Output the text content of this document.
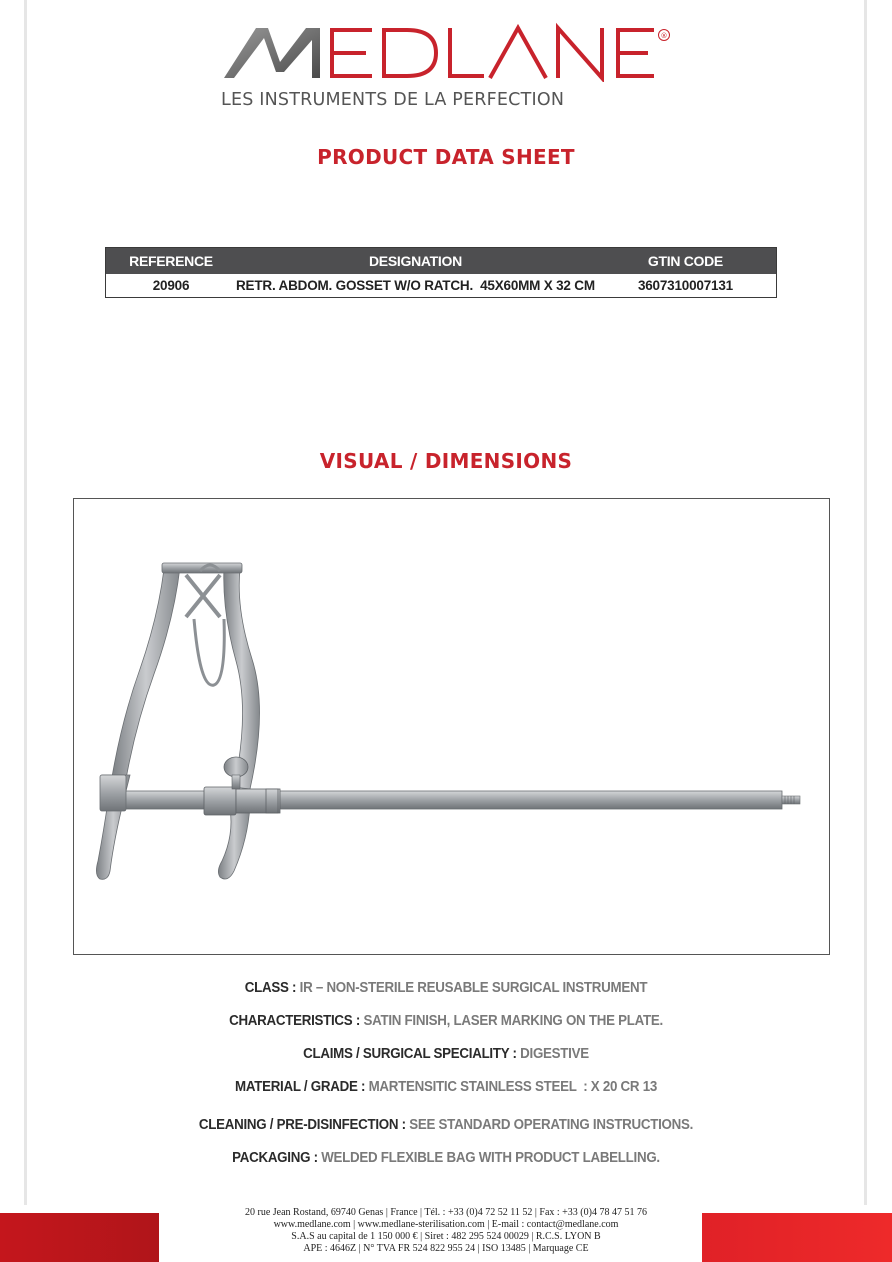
®
LES INSTRUMENTS DE LA PERFECTION
PRODUCT DATA SHEET
REFERENCE	DESIGNATION	GTIN CODE
20906	RETR. ABDOM. GOSSET W/O RATCH.  45X60MM X 32 CM	3607310007131
VISUAL / DIMENSIONS
CLASS : IR – NON-STERILE REUSABLE SURGICAL INSTRUMENT
CHARACTERISTICS : SATIN FINISH, LASER MARKING ON THE PLATE.
CLAIMS / SURGICAL SPECIALITY : DIGESTIVE
MATERIAL / GRADE : MARTENSITIC STAINLESS STEEL  : X 20 CR 13
CLEANING / PRE-DISINFECTION : SEE STANDARD OPERATING INSTRUCTIONS.
PACKAGING : WELDED FLEXIBLE BAG WITH PRODUCT LABELLING.
20 rue Jean Rostand, 69740 Genas | France | Tél. : +33 (0)4 72 52 11 52 | Fax : +33 (0)4 78 47 51 76
www.medlane.com | www.medlane-sterilisation.com | E-mail : contact@medlane.com
S.A.S au capital de 1 150 000 € | Siret : 482 295 524 00029 | R.C.S. LYON B
APE : 4646Z | N° TVA FR 524 822 955 24 | ISO 13485 | Marquage CE
